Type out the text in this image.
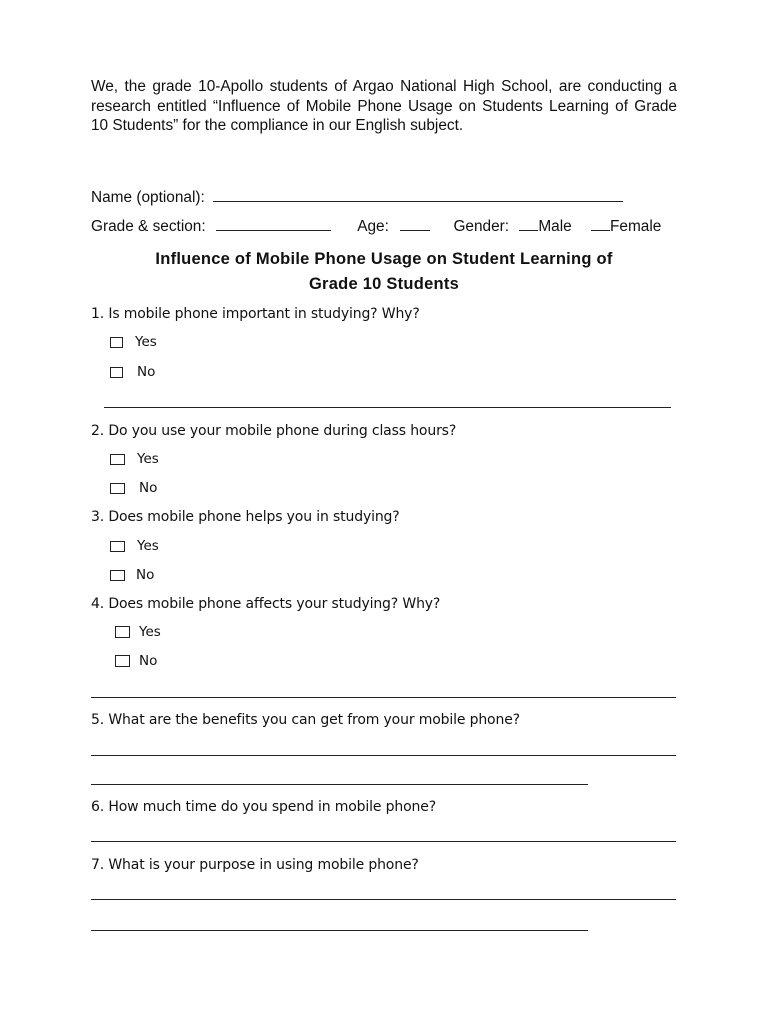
We, the grade 10-Apollo students of Argao National High School, are conducting a research entitled “Influence of Mobile Phone Usage on Students Learning of Grade 10 Students” for the compliance in our English subject.
Name (optional):
Grade & section:	Age:	Gender: Male Female
Influence of Mobile Phone Usage on Student Learning of
Grade 10 Students
1. Is mobile phone important in studying? Why?
Yes
No
2. Do you use your mobile phone during class hours?
Yes
No
3. Does mobile phone helps you in studying?
Yes
No
4. Does mobile phone affects your studying? Why?
Yes
No
5. What are the benefits you can get from your mobile phone?
6. How much time do you spend in mobile phone?
7. What is your purpose in using mobile phone?
